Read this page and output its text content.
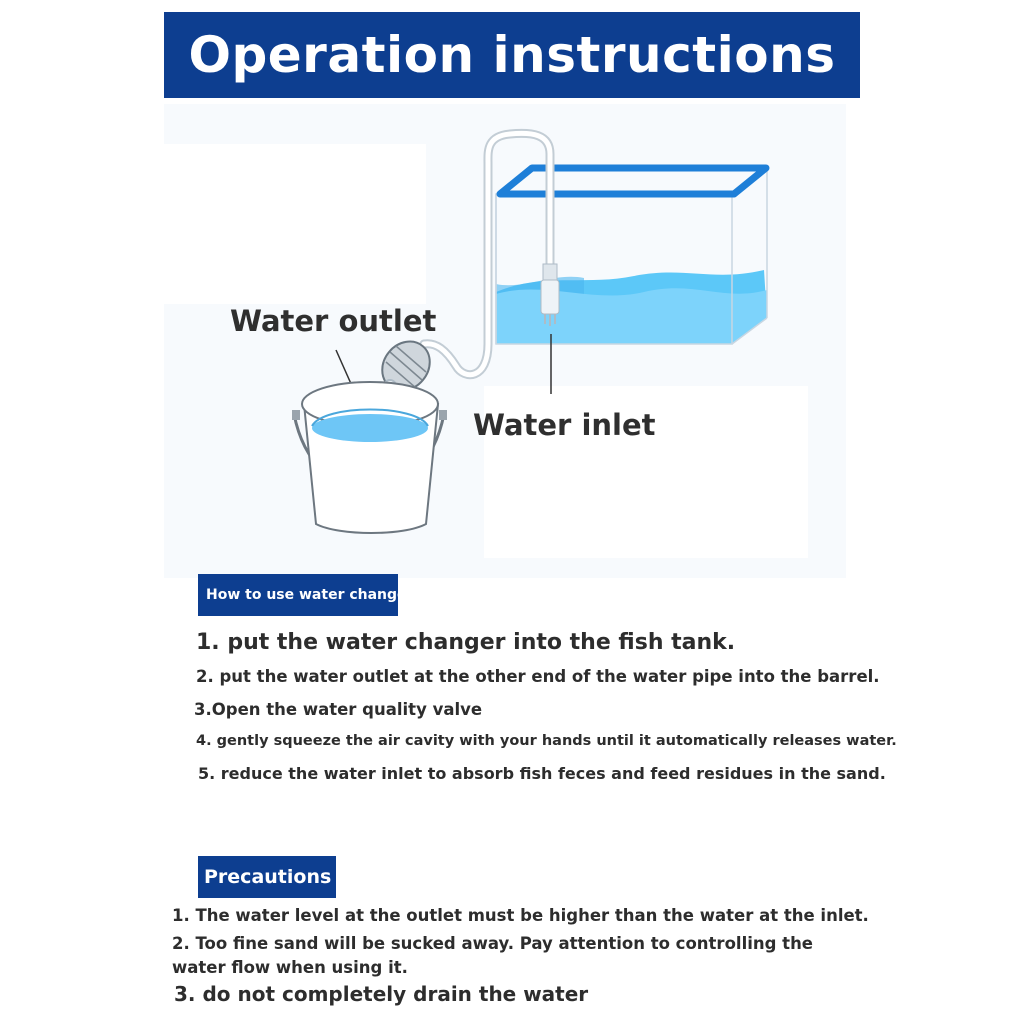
Operation instructions
Water outlet
Water inlet
How to use water change

1. put the water changer into the fish tank.

2. put the water outlet at the other end of the water pipe into the barrel.

3.Open the water quality valve

4. gently squeeze the air cavity with your hands until it automatically releases water.

5. reduce the water inlet to absorb fish feces and feed residues in the sand.

Precautions

1. The water level at the outlet must be higher than the water at the inlet.

2. Too fine sand will be sucked away. Pay attention to controlling the water flow when using it.

3. do not completely drain the water
